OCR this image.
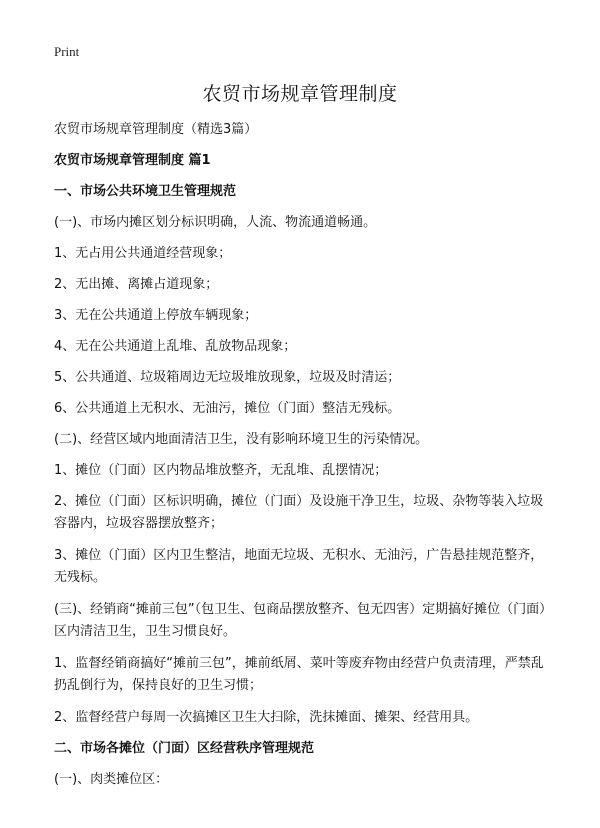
Print
农贸市场规章管理制度

农贸市场规章管理制度（精选3篇）

农贸市场规章管理制度 篇1

一、市场公共环境卫生管理规范

(一)、市场内摊区划分标识明确，人流、物流通道畅通。

1、无占用公共通道经营现象；

2、无出摊、离摊占道现象；

3、无在公共通道上停放车辆现象；

4、无在公共通道上乱堆、乱放物品现象；

5、公共通道、垃圾箱周边无垃圾堆放现象，垃圾及时清运；

6、公共通道上无积水、无油污，摊位（门面）整洁无残标。

(二)、经营区域内地面清洁卫生，没有影响环境卫生的污染情况。

1、摊位（门面）区内物品堆放整齐，无乱堆、乱摆情况；

2、摊位（门面）区标识明确，摊位（门面）及设施干净卫生，垃圾、杂物等装入垃圾容器内，垃圾容器摆放整齐；

3、摊位（门面）区内卫生整洁，地面无垃圾、无积水、无油污，广告悬挂规范整齐，无残标。

(三)、经销商“摊前三包”（包卫生、包商品摆放整齐、包无四害）定期搞好摊位（门面）区内清洁卫生，卫生习惯良好。

1、监督经销商搞好“摊前三包”，摊前纸屑、菜叶等废弃物由经营户负责清理，严禁乱扔乱倒行为，保持良好的卫生习惯；

2、监督经营户每周一次搞摊区卫生大扫除，洗抹摊面、摊架、经营用具。

二、市场各摊位（门面）区经营秩序管理规范

(一)、肉类摊位区：
